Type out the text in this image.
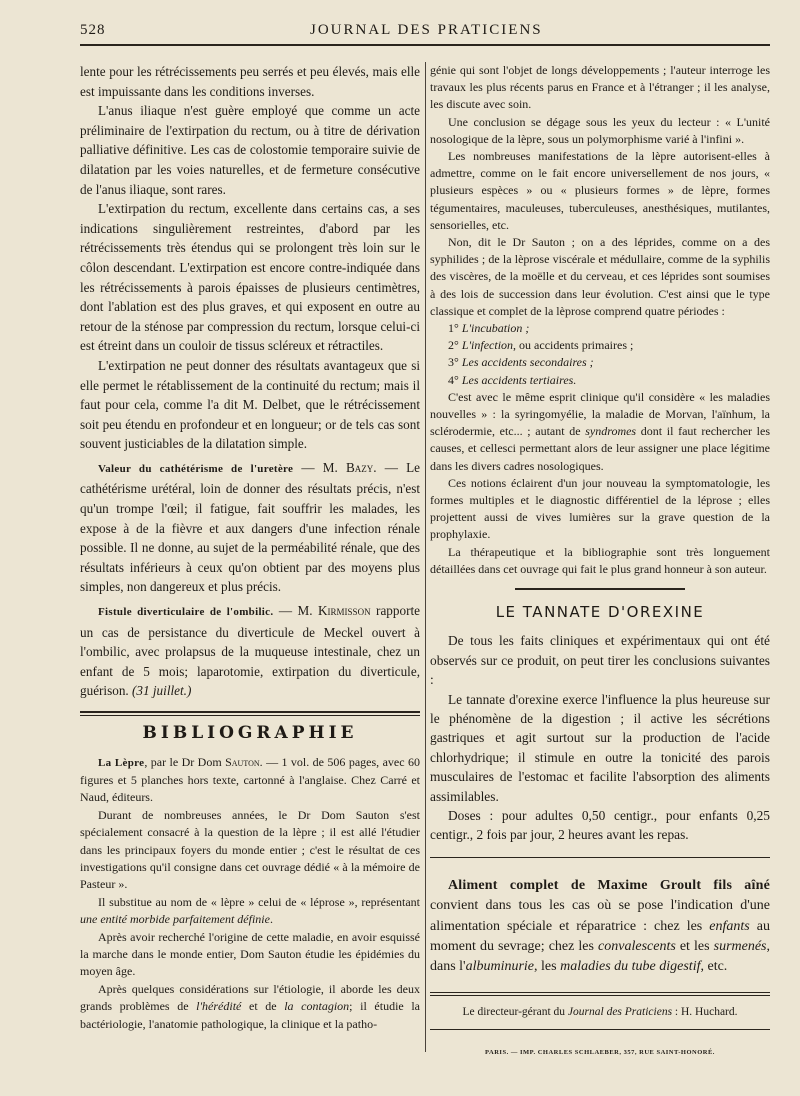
528	JOURNAL DES PRATICIENS

lente pour les rétrécissements peu serrés et peu élevés, mais elle est impuissante dans les conditions inverses.

L'anus iliaque n'est guère employé que comme un acte préliminaire de l'extirpation du rectum, ou à titre de dérivation palliative définitive. Les cas de colostomie temporaire suivie de dilatation par les voies naturelles, et de fermeture consécutive de l'anus iliaque, sont rares.

L'extirpation du rectum, excellente dans certains cas, a ses indications singulièrement restreintes, d'abord par les rétrécissements très étendus qui se prolongent très loin sur le côlon descendant. L'extirpation est encore contre-indiquée dans les rétrécissements à parois épaisses de plusieurs centimètres, dont l'ablation est des plus graves, et qui exposent en outre au retour de la sténose par compression du rectum, lorsque celui-ci est étreint dans un couloir de tissus scléreux et rétractiles.

L'extirpation ne peut donner des résultats avantageux que si elle permet le rétablissement de la continuité du rectum; mais il faut pour cela, comme l'a dit M. Delbet, que le rétrécissement soit peu étendu en profondeur et en longueur; or de tels cas sont souvent justiciables de la dilatation simple.

Valeur du cathétérisme de l'uretère — M. Bazy. — Le cathétérisme urétéral, loin de donner des résultats précis, n'est qu'un trompe l'œil; il fatigue, fait souffrir les malades, les expose à de la fièvre et aux dangers d'une infection rénale possible. Il ne donne, au sujet de la perméabilité rénale, que des résultats inférieurs à ceux qu'on obtient par des moyens plus simples, non dangereux et plus précis.

Fistule diverticulaire de l'ombilic. — M. Kirmisson rapporte un cas de persistance du diverticule de Meckel ouvert à l'ombilic, avec prolapsus de la muqueuse intestinale, chez un enfant de 5 mois; laparotomie, extirpation du diverticule, guérison. (31 juillet.)

BIBLIOGRAPHIE

La Lèpre, par le Dr Dom Sauton. — 1 vol. de 506 pages, avec 60 figures et 5 planches hors texte, cartonné à l'anglaise. Chez Carré et Naud, éditeurs.

Durant de nombreuses années, le Dr Dom Sauton s'est spécialement consacré à la question de la lèpre ; il est allé l'étudier dans les principaux foyers du monde entier ; c'est le résultat de ces investigations qu'il consigne dans cet ouvrage dédié « à la mémoire de Pasteur ».

Il substitue au nom de « lèpre » celui de « léprose », représentant une entité morbide parfaitement définie.

Après avoir recherché l'origine de cette maladie, en avoir esquissé la marche dans le monde entier, Dom Sauton étudie les épidémies du moyen âge.

Après quelques considérations sur l'étiologie, il aborde les deux grands problèmes de l'hérédité et de la contagion; il étudie la bactériologie, l'anatomie pathologique, la clinique et la patho-

génie qui sont l'objet de longs développements ; l'auteur interroge les travaux les plus récents parus en France et à l'étranger ; il les analyse, les discute avec soin.

Une conclusion se dégage sous les yeux du lecteur : « L'unité nosologique de la lèpre, sous un polymorphisme varié à l'infini ».

Les nombreuses manifestations de la lèpre autorisent-elles à admettre, comme on le fait encore universellement de nos jours, « plusieurs espèces » ou « plusieurs formes » de lèpre, formes tégumentaires, maculeuses, tuberculeuses, anesthésiques, mutilantes, sensorielles, etc.

Non, dit le Dr Sauton ; on a des léprides, comme on a des syphilides ; de la lèprose viscérale et médullaire, comme de la syphilis des viscères, de la moëlle et du cerveau, et ces léprides sont soumises à des lois de succession dans leur évolution. C'est ainsi que le type classique et complet de la lèprose comprend quatre périodes :

1° L'incubation ;

2° L'infection, ou accidents primaires ;

3° Les accidents secondaires ;

4° Les accidents tertiaires.

C'est avec le même esprit clinique qu'il considère « les maladies nouvelles » : la syringomyélie, la maladie de Morvan, l'aïnhum, la sclérodermie, etc... ; autant de syndromes dont il faut rechercher les causes, et cellesci permettant alors de leur assigner une place légitime dans les divers cadres nosologiques.

Ces notions éclairent d'un jour nouveau la symptomatologie, les formes multiples et le diagnostic différentiel de la léprose ; elles projettent aussi de vives lumières sur la grave question de la prophylaxie.

La thérapeutique et la bibliographie sont très longuement détaillées dans cet ouvrage qui fait le plus grand honneur à son auteur.

LE TANNATE D'OREXINE

De tous les faits cliniques et expérimentaux qui ont été observés sur ce produit, on peut tirer les conclusions suivantes :

Le tannate d'orexine exerce l'influence la plus heureuse sur le phénomène de la digestion ; il active les sécrétions gastriques et agit surtout sur la production de l'acide chlorhydrique; il stimule en outre la tonicité des parois musculaires de l'estomac et facilite l'absorption des aliments assimilables.

Doses : pour adultes 0,50 centigr., pour enfants 0,25 centigr., 2 fois par jour, 2 heures avant les repas.

Aliment complet de Maxime Groult fils aîné convient dans tous les cas où se pose l'indication d'une alimentation spéciale et réparatrice : chez les enfants au moment du sevrage; chez les convalescents et les surmenés, dans l'albuminurie, les maladies du tube digestif, etc.

Le directeur-gérant du Journal des Praticiens : H. Huchard.
PARIS. — IMP. CHARLES SCHLAEBER, 357, RUE SAINT-HONORÉ.
